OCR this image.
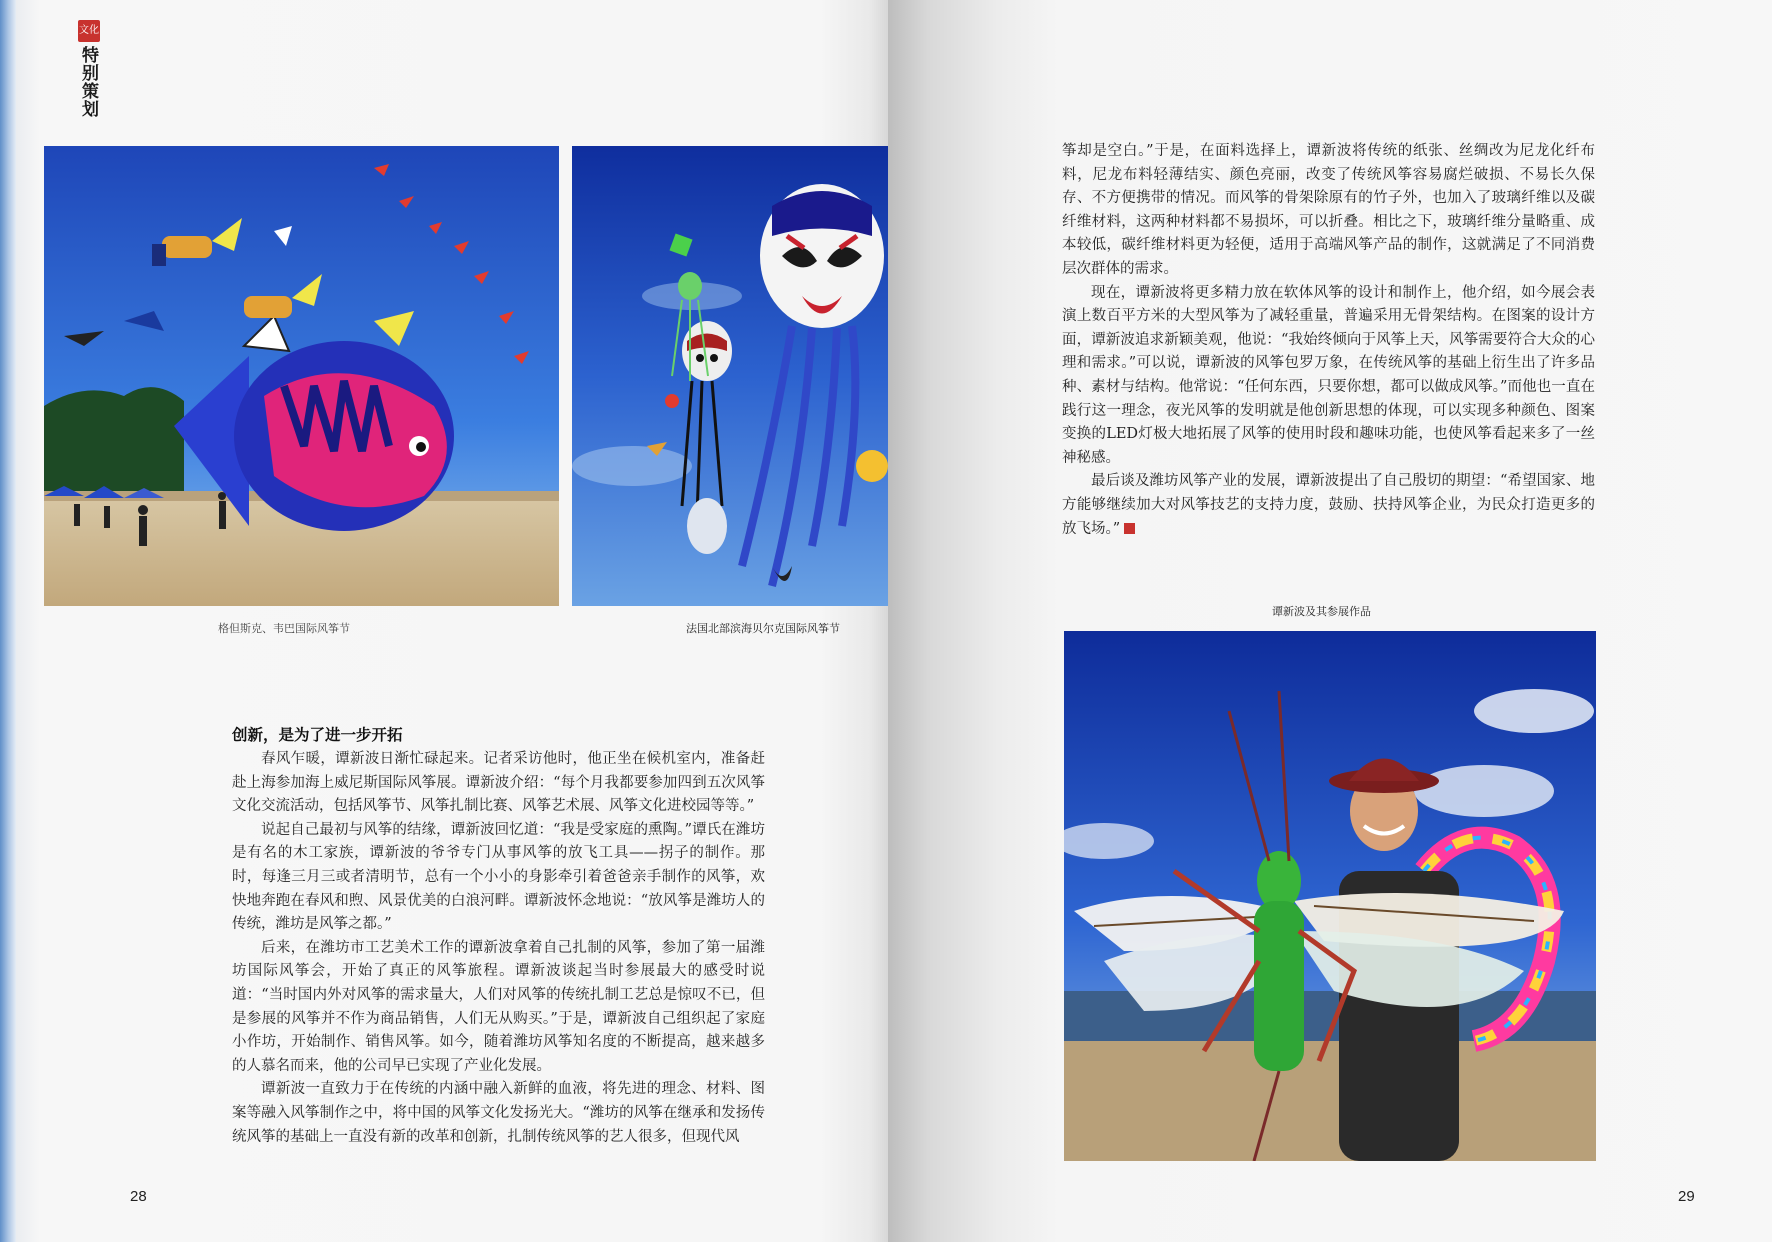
文化
特别策划
格但斯克、韦巴国际风筝节	法国北部滨海贝尔克国际风筝节
创新，是为了进一步开拓

春风乍暖，谭新波日渐忙碌起来。记者采访他时，他正坐在候机室内，准备赶赴上海参加海上威尼斯国际风筝展。谭新波介绍：“每个月我都要参加四到五次风筝文化交流活动，包括风筝节、风筝扎制比赛、风筝艺术展、风筝文化进校园等等。”

说起自己最初与风筝的结缘，谭新波回忆道：“我是受家庭的熏陶。”谭氏在潍坊是有名的木工家族，谭新波的爷爷专门从事风筝的放飞工具——拐子的制作。那时，每逢三月三或者清明节，总有一个小小的身影牵引着爸爸亲手制作的风筝，欢快地奔跑在春风和煦、风景优美的白浪河畔。谭新波怀念地说：“放风筝是潍坊人的传统，潍坊是风筝之都。”

后来，在潍坊市工艺美术工作的谭新波拿着自己扎制的风筝，参加了第一届潍坊国际风筝会，开始了真正的风筝旅程。谭新波谈起当时参展最大的感受时说道：“当时国内外对风筝的需求量大，人们对风筝的传统扎制工艺总是惊叹不已，但是参展的风筝并不作为商品销售，人们无从购买。”于是，谭新波自己组织起了家庭小作坊，开始制作、销售风筝。如今，随着潍坊风筝知名度的不断提高，越来越多的人慕名而来，他的公司早已实现了产业化发展。

谭新波一直致力于在传统的内涵中融入新鲜的血液，将先进的理念、材料、图案等融入风筝制作之中，将中国的风筝文化发扬光大。“潍坊的风筝在继承和发扬传统风筝的基础上一直没有新的改革和创新，扎制传统风筝的艺人很多，但现代风

28	29

筝却是空白。”于是，在面料选择上，谭新波将传统的纸张、丝绸改为尼龙化纤布料，尼龙布料轻薄结实、颜色亮丽，改变了传统风筝容易腐烂破损、不易长久保存、不方便携带的情况。而风筝的骨架除原有的竹子外，也加入了玻璃纤维以及碳纤维材料，这两种材料都不易损坏，可以折叠。相比之下，玻璃纤维分量略重、成本较低，碳纤维材料更为轻便，适用于高端风筝产品的制作，这就满足了不同消费层次群体的需求。

现在，谭新波将更多精力放在软体风筝的设计和制作上，他介绍，如今展会表演上数百平方米的大型风筝为了减轻重量，普遍采用无骨架结构。在图案的设计方面，谭新波追求新颖美观，他说：“我始终倾向于风筝上天，风筝需要符合大众的心理和需求。”可以说，谭新波的风筝包罗万象，在传统风筝的基础上衍生出了许多品种、素材与结构。他常说：“任何东西，只要你想，都可以做成风筝。”而他也一直在践行这一理念，夜光风筝的发明就是他创新思想的体现，可以实现多种颜色、图案变换的LED灯极大地拓展了风筝的使用时段和趣味功能，也使风筝看起来多了一丝神秘感。

最后谈及潍坊风筝产业的发展，谭新波提出了自己殷切的期望：“希望国家、地方能够继续加大对风筝技艺的支持力度，鼓励、扶持风筝企业，为民众打造更多的放飞场。”

谭新波及其参展作品
